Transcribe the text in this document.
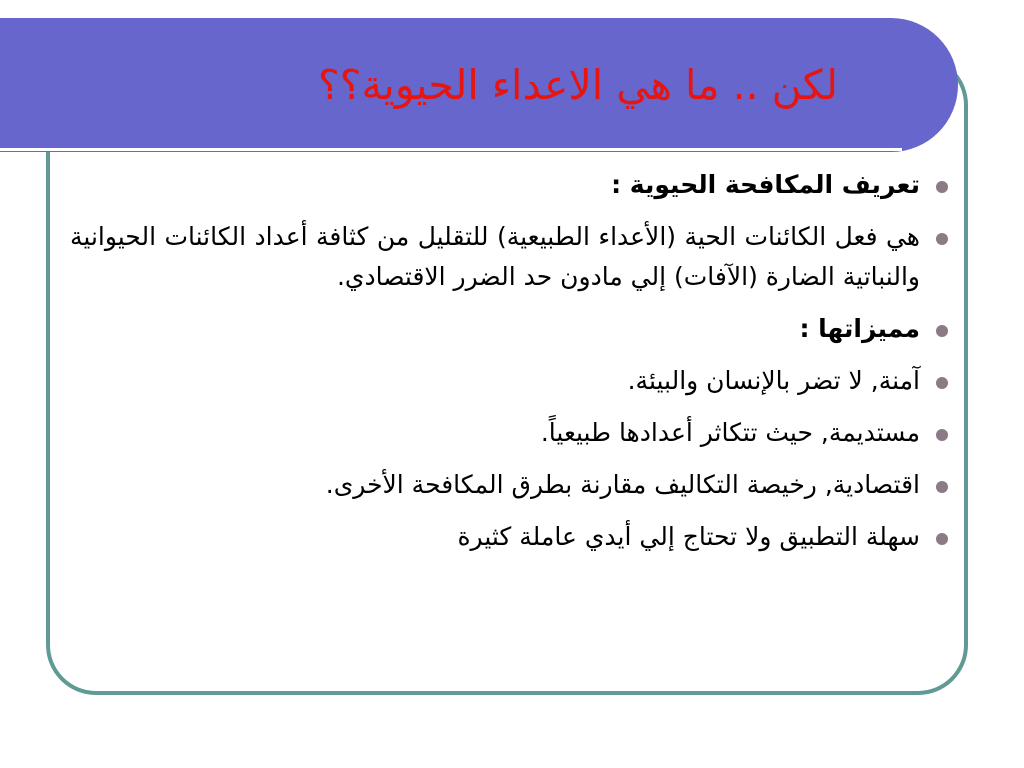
لكن .. ما هي الاعداء الحيوية؟؟
تعريف المكافحة الحيوية :
هي فعل الكائنات الحية (الأعداء الطبيعية) للتقليل من كثافة أعداد الكائنات الحيوانية والنباتية الضارة (الآفات) إلي مادون حد الضرر الاقتصادي.
مميزاتها :
آمنة, لا تضر بالإنسان والبيئة.
مستديمة, حيث تتكاثر أعدادها طبيعياً.
اقتصادية, رخيصة التكاليف مقارنة بطرق المكافحة الأخرى.
سهلة التطبيق ولا تحتاج إلي أيدي عاملة كثيرة
